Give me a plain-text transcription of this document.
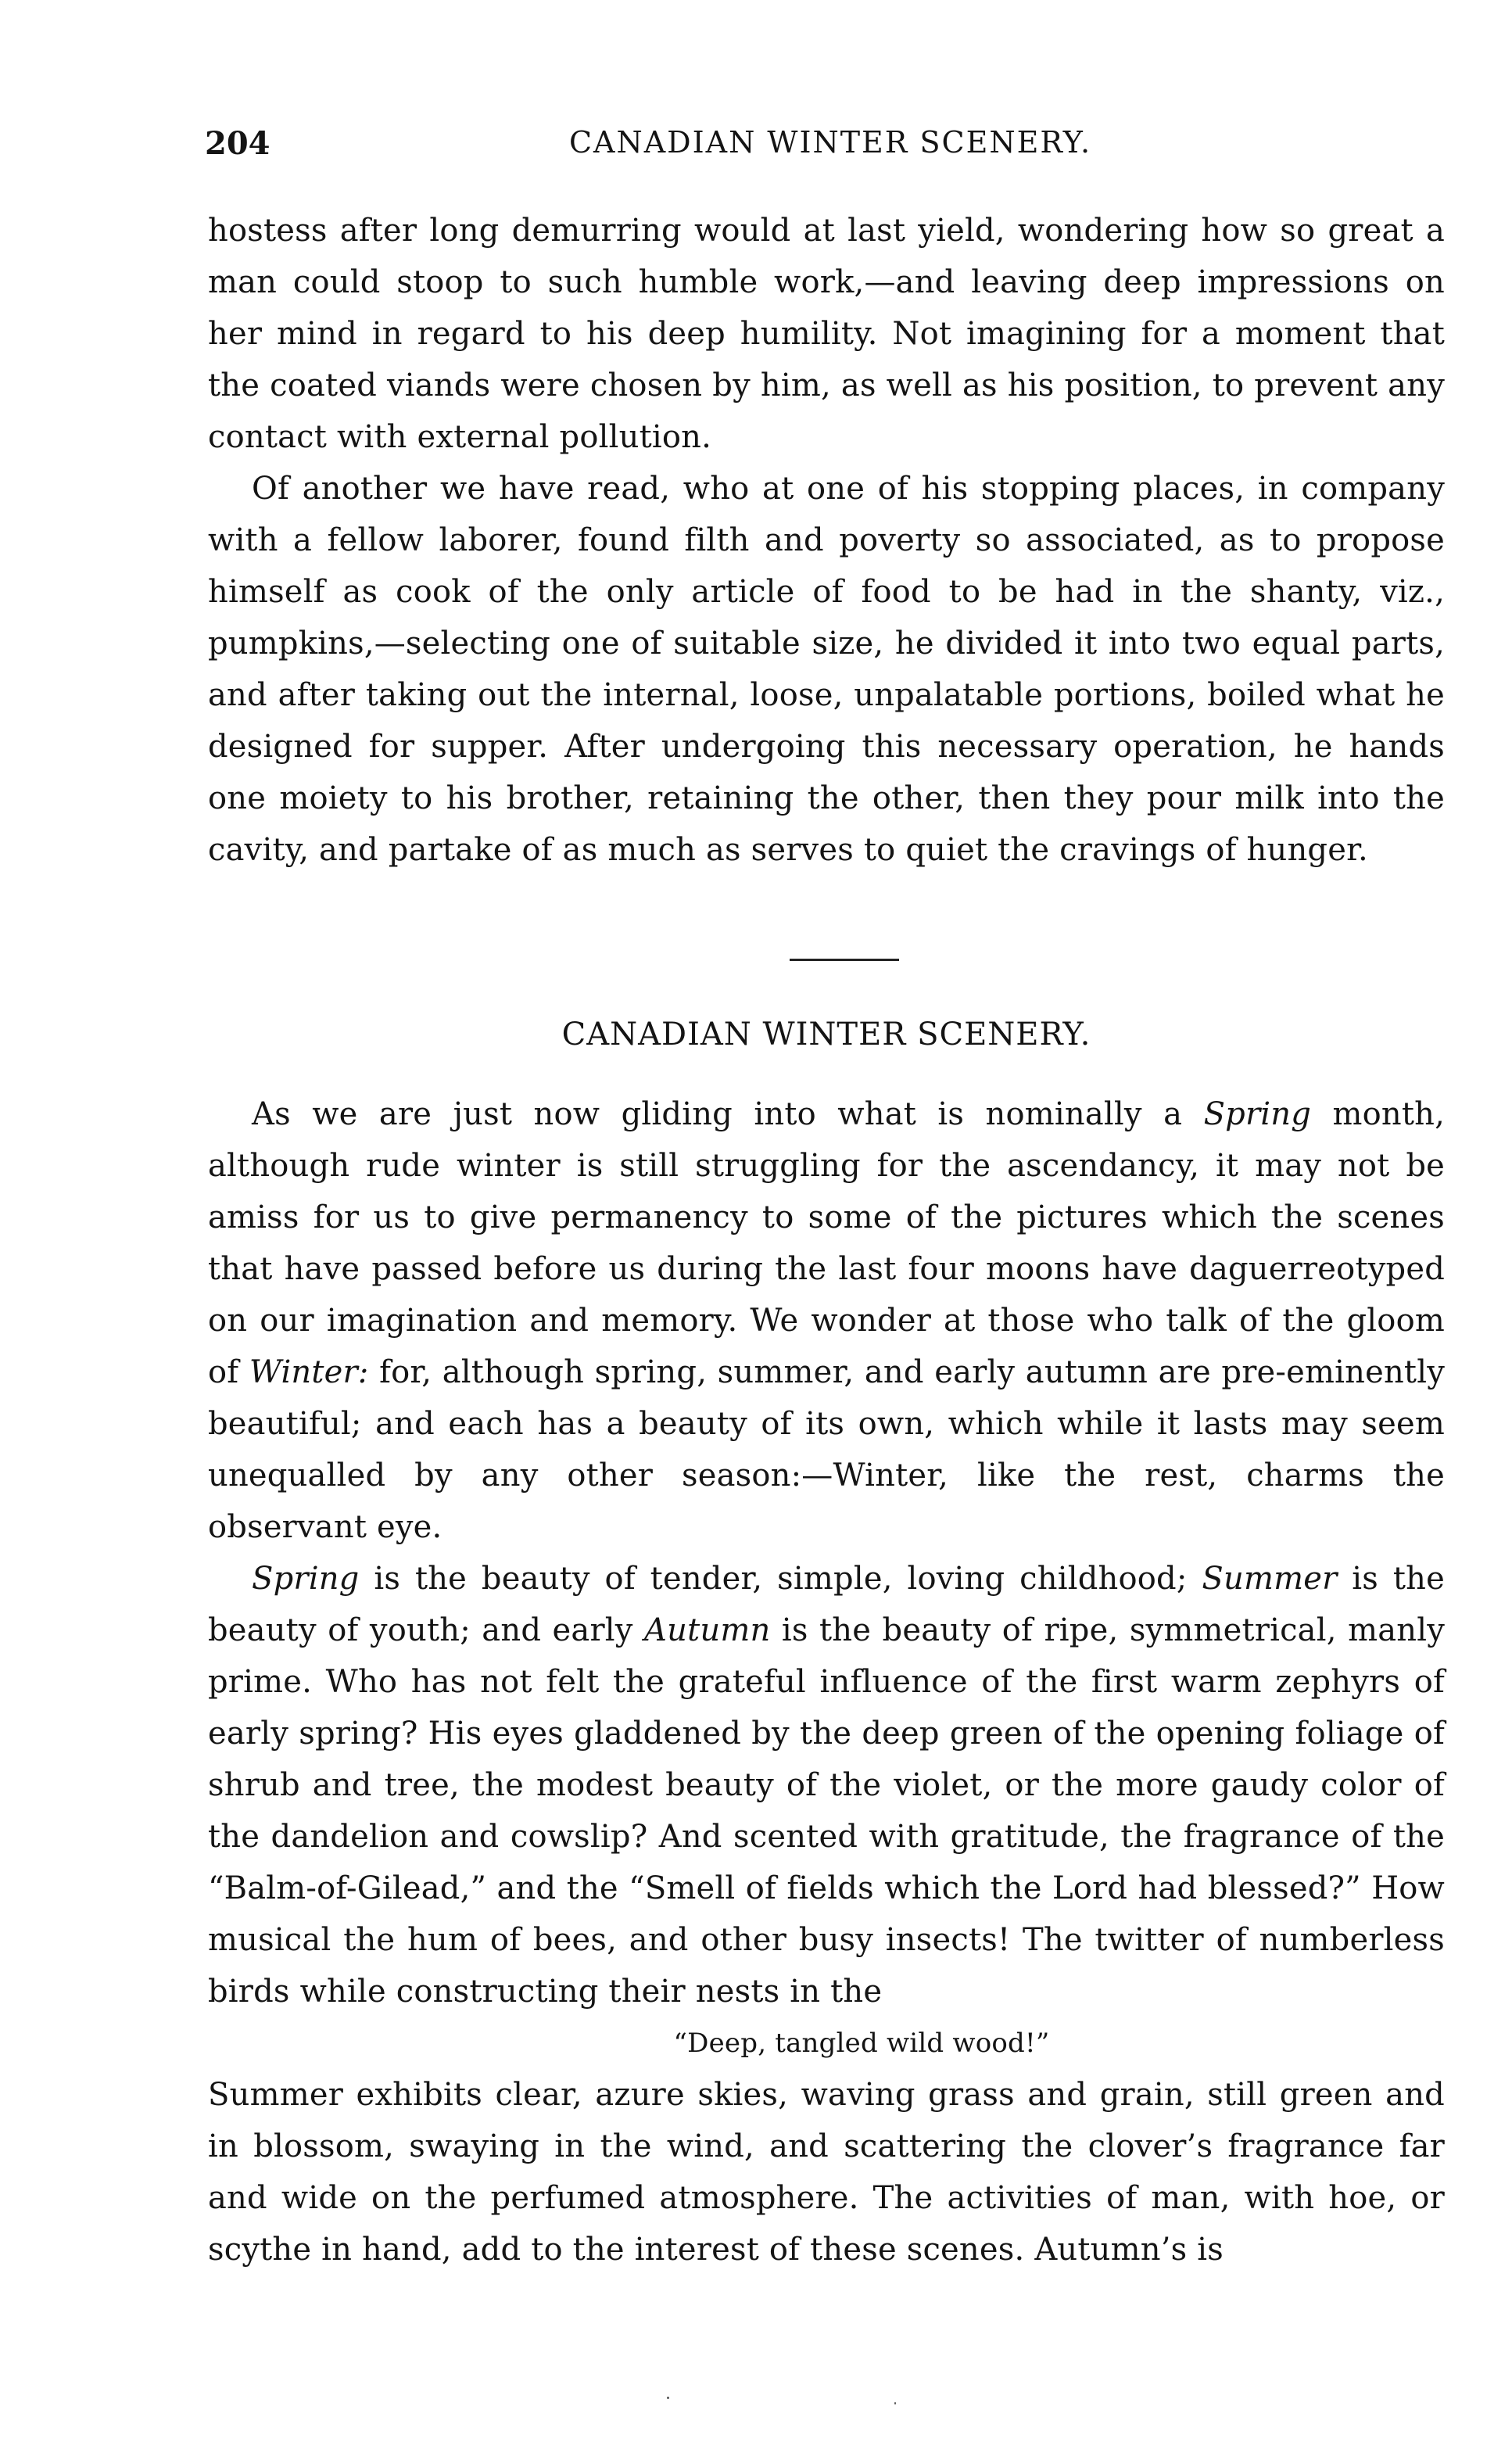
204	CANADIAN WINTER SCENERY.

hostess after long demurring would at last yield, wondering how so great a man could stoop to such humble work,—and leaving deep impressions on her mind in regard to his deep humility. Not imagining for a moment that the coated viands were chosen by him, as well as his position, to prevent any contact with external pollution.

Of another we have read, who at one of his stopping places, in company with a fellow laborer, found filth and poverty so associated, as to propose himself as cook of the only article of food to be had in the shanty, viz., pumpkins,—selecting one of suitable size, he divided it into two equal parts, and after taking out the internal, loose, unpalatable portions, boiled what he designed for supper. After undergoing this necessary operation, he hands one moiety to his brother, retaining the other, then they pour milk into the cavity, and partake of as much as serves to quiet the cravings of hunger.

CANADIAN WINTER SCENERY.

As we are just now gliding into what is nominally a Spring month, although rude winter is still struggling for the ascendancy, it may not be amiss for us to give permanency to some of the pictures which the scenes that have passed before us during the last four moons have daguerreotyped on our imagination and memory. We wonder at those who talk of the gloom of Winter: for, although spring, summer, and early autumn are pre-eminently beautiful; and each has a beauty of its own, which while it lasts may seem unequalled by any other season:—Winter, like the rest, charms the observant eye.

Spring is the beauty of tender, simple, loving childhood; Summer is the beauty of youth; and early Autumn is the beauty of ripe, symmetrical, manly prime. Who has not felt the grateful influence of the first warm zephyrs of early spring? His eyes gladdened by the deep green of the opening foliage of shrub and tree, the modest beauty of the violet, or the more gaudy color of the dandelion and cowslip? And scented with gratitude, the fragrance of the “Balm-of-Gilead,” and the “Smell of fields which the Lord had blessed?” How musical the hum of bees, and other busy insects! The twitter of numberless birds while constructing their nests in the

“Deep, tangled wild wood!”

Summer exhibits clear, azure skies, waving grass and grain, still green and in blossom, swaying in the wind, and scattering the clover’s fragrance far and wide on the perfumed atmosphere. The activities of man, with hoe, or scythe in hand, add to the interest of these scenes. Autumn’s is
